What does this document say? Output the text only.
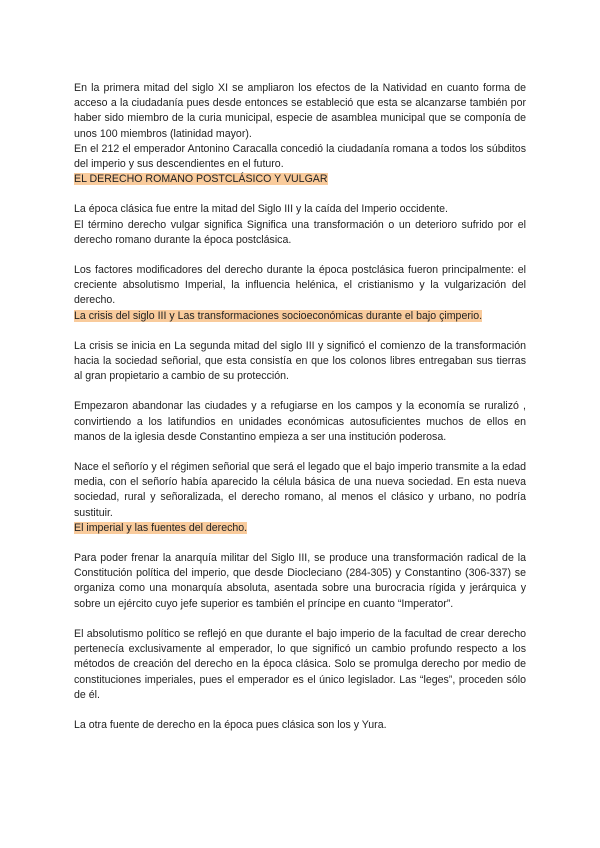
En la primera mitad del siglo XI se ampliaron los efectos de la Natividad en cuanto forma de acceso a la ciudadanía pues desde entonces se estableció que esta se alcanzarse también por haber sido miembro de la curia municipal, especie de asamblea municipal que se componía de unos 100 miembros (latinidad mayor).

En el 212 el emperador Antonino Caracalla concedió la ciudadanía romana a todos los súbditos del imperio y sus descendientes en el futuro.

EL DERECHO ROMANO POSTCLÁSICO Y VULGAR

La época clásica fue entre la mitad del Siglo III y la caída del Imperio occidente.

El término derecho vulgar significa Significa una transformación o un deterioro sufrido por el derecho romano durante la época postclásica.

Los factores modificadores del derecho durante la época postclásica fueron principalmente: el creciente absolutismo Imperial, la influencia helénica, el cristianismo y la vulgarización del derecho.

La crisis del siglo III y Las transformaciones socioeconómicas durante el bajo çimperio.

La crisis se inicia en La segunda mitad del siglo III y significó el comienzo de la transformación hacia la sociedad señorial, que esta consistía en que los colonos libres entregaban sus tierras al gran propietario a cambio de su protección.

Empezaron abandonar las ciudades y a refugiarse en los campos y la economía se ruralizó , convirtiendo a los latifundios en unidades económicas autosuficientes muchos de ellos en manos de la iglesia desde Constantino empieza a ser una institución poderosa.

Nace el señorío y el régimen señorial que será el legado que el bajo imperio transmite a la edad media, con el señorío había aparecido la célula básica de una nueva sociedad. En esta nueva sociedad, rural y señoralizada, el derecho romano, al menos el clásico y urbano, no podría sustituir.

El imperial y las fuentes del derecho.

Para poder frenar la anarquía militar del Siglo III, se produce una transformación radical de la Constitución política del imperio, que desde Diocleciano (284-305) y Constantino (306-337) se organiza como una monarquía absoluta, asentada sobre una burocracia rígida y jerárquica y sobre un ejército cuyo jefe superior es también el príncipe en cuanto “Imperator”.

El absolutismo político se reflejó en que durante el bajo imperio de la facultad de crear derecho pertenecía exclusivamente al emperador, lo que significó un cambio profundo respecto a los métodos de creación del derecho en la época clásica. Solo se promulga derecho por medio de constituciones imperiales, pues el emperador es el único legislador. Las “leges”, proceden sólo de él.

La otra fuente de derecho en la época pues clásica son los y Yura.
